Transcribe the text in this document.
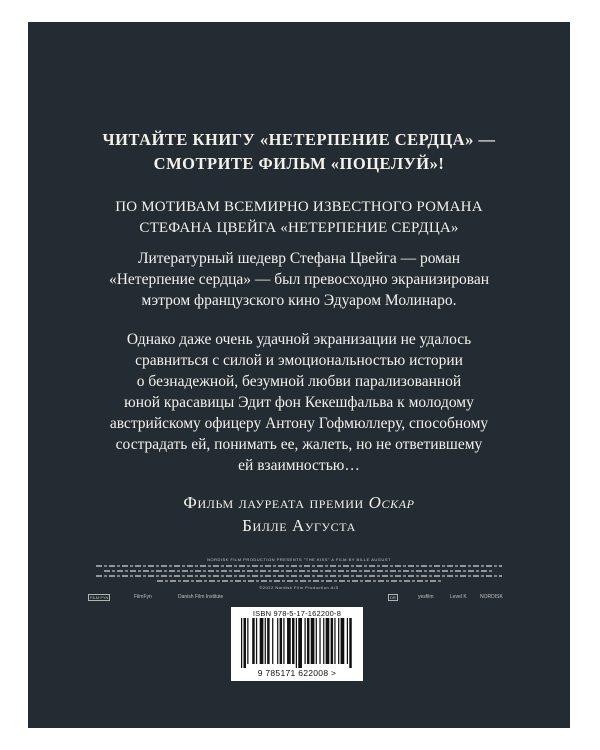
ЧИТАЙТЕ КНИГУ «НЕТЕРПЕНИЕ СЕРДЦА» —
СМОТРИТЕ ФИЛЬМ «ПОЦЕЛУЙ»!
ПО МОТИВАМ ВСЕМИРНО ИЗВЕСТНОГО РОМАНА
СТЕФАНА ЦВЕЙГА «НЕТЕРПЕНИЕ СЕРДЦА»
Литературный шедевр Стефана Цвейга — роман
«Нетерпение сердца» — был превосходно экранизирован
мэтром французского кино Эдуаром Молинаро.
Однако даже очень удачной экранизации не удалось
сравниться с силой и эмоциональностью истории
о безнадежной, безумной любви парализованной
юной красавицы Эдит фон Кекешфальва к молодому
австрийскому офицеру Антону Гофмюллеру, способному
сострадать ей, понимать ее, жалеть, но не ответившему
ей взаимностью…
Фильм лауреата премии Оскар
Билле Аугуста
NORDISK FILM PRODUCTION PRESENTS "THE KISS" A FILM BY BILLE AUGUST
©2022 Nordisk Film Production A/S
FILM·FYN	FilmFyn	Danish Film Institute	DR	yesfilm	Level K	NORDISK
ISBN 978-5-17-162200-8
9 785171 622008 >
